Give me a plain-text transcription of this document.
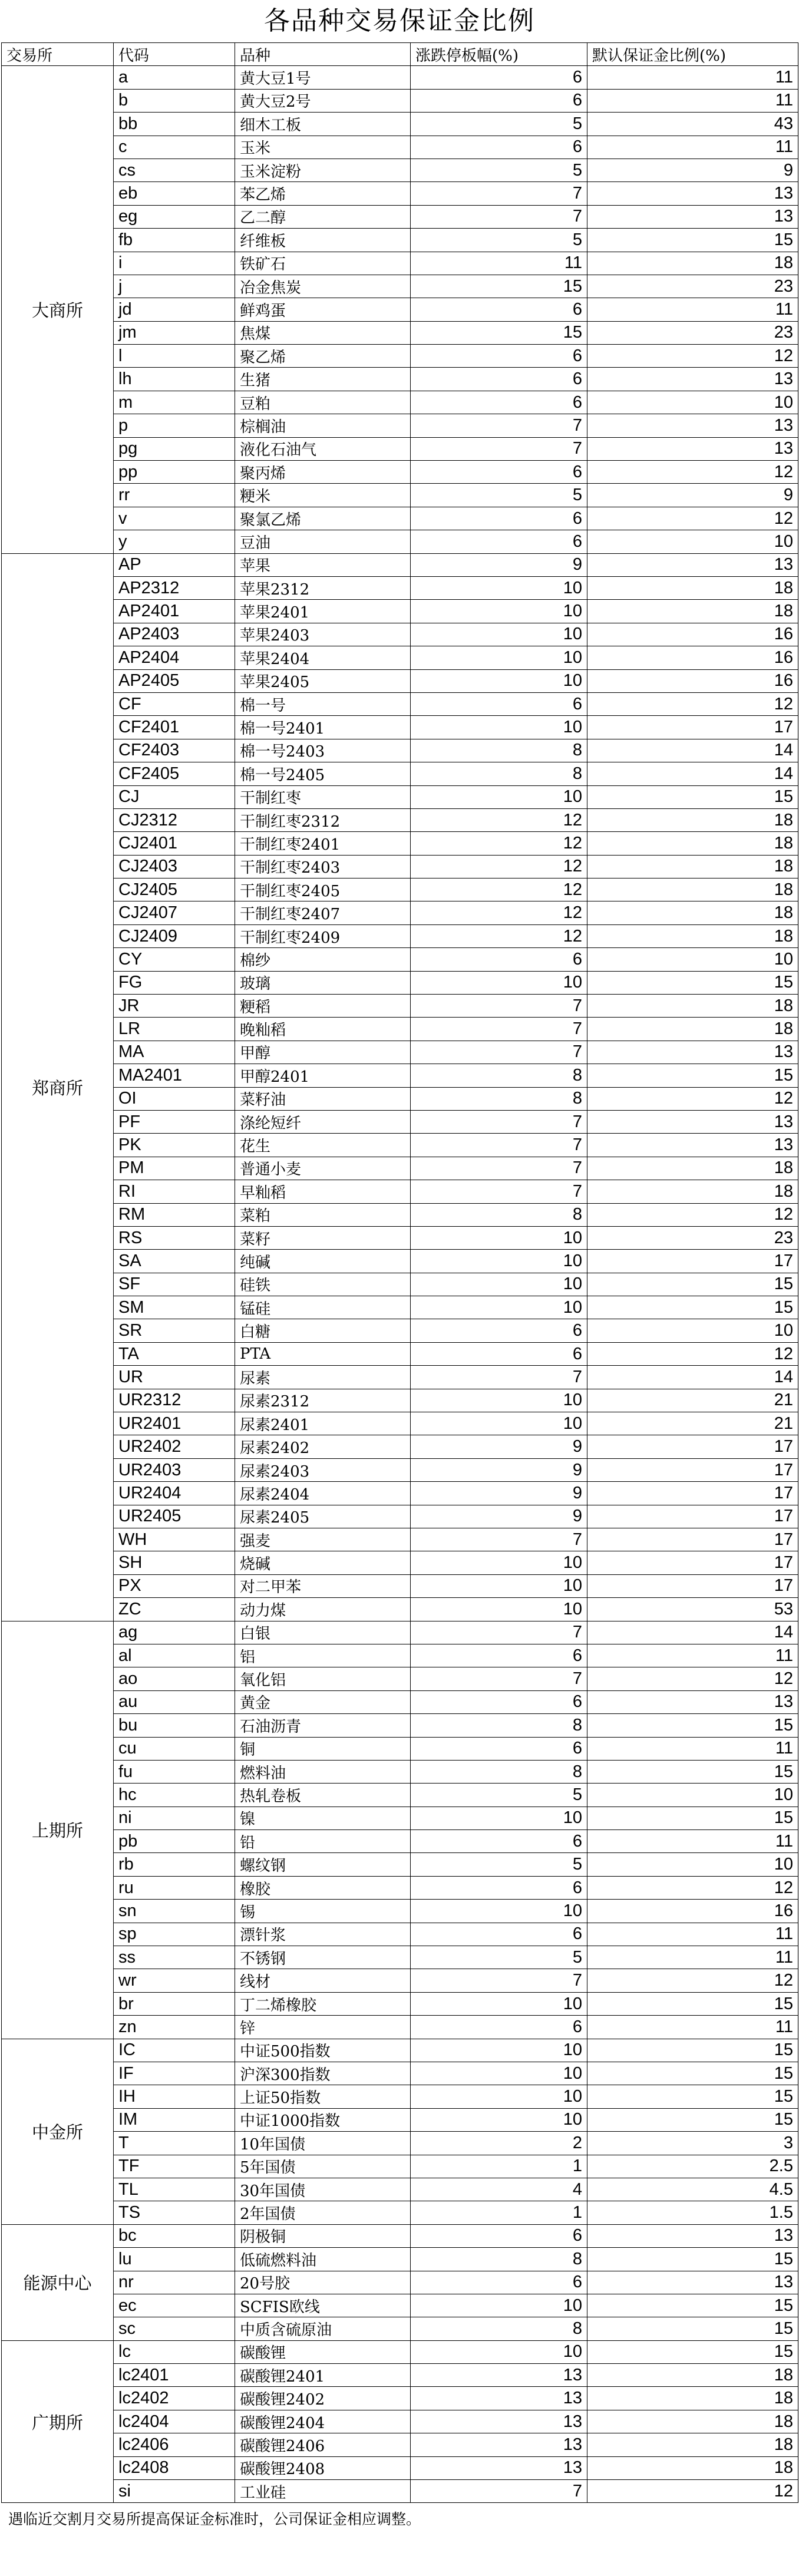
各品种交易保证金比例
交易所	代码	品种	涨跌停板幅(%)	默认保证金比例(%)
大商所	a	黄大豆1号	6	11
	b	黄大豆2号	6	11
	bb	细木工板	5	43
	c	玉米	6	11
	cs	玉米淀粉	5	9
	eb	苯乙烯	7	13
	eg	乙二醇	7	13
	fb	纤维板	5	15
	i	铁矿石	11	18
	j	冶金焦炭	15	23
	jd	鲜鸡蛋	6	11
	jm	焦煤	15	23
	l	聚乙烯	6	12
	lh	生猪	6	13
	m	豆粕	6	10
	p	棕榈油	7	13
	pg	液化石油气	7	13
	pp	聚丙烯	6	12
	rr	粳米	5	9
	v	聚氯乙烯	6	12
	y	豆油	6	10
郑商所	AP	苹果	9	13
	AP2312	苹果2312	10	18
	AP2401	苹果2401	10	18
	AP2403	苹果2403	10	16
	AP2404	苹果2404	10	16
	AP2405	苹果2405	10	16
	CF	棉一号	6	12
	CF2401	棉一号2401	10	17
	CF2403	棉一号2403	8	14
	CF2405	棉一号2405	8	14
	CJ	干制红枣	10	15
	CJ2312	干制红枣2312	12	18
	CJ2401	干制红枣2401	12	18
	CJ2403	干制红枣2403	12	18
	CJ2405	干制红枣2405	12	18
	CJ2407	干制红枣2407	12	18
	CJ2409	干制红枣2409	12	18
	CY	棉纱	6	10
	FG	玻璃	10	15
	JR	粳稻	7	18
	LR	晚籼稻	7	18
	MA	甲醇	7	13
	MA2401	甲醇2401	8	15
	OI	菜籽油	8	12
	PF	涤纶短纤	7	13
	PK	花生	7	13
	PM	普通小麦	7	18
	RI	早籼稻	7	18
	RM	菜粕	8	12
	RS	菜籽	10	23
	SA	纯碱	10	17
	SF	硅铁	10	15
	SM	锰硅	10	15
	SR	白糖	6	10
	TA	PTA	6	12
	UR	尿素	7	14
	UR2312	尿素2312	10	21
	UR2401	尿素2401	10	21
	UR2402	尿素2402	9	17
	UR2403	尿素2403	9	17
	UR2404	尿素2404	9	17
	UR2405	尿素2405	9	17
	WH	强麦	7	17
	SH	烧碱	10	17
	PX	对二甲苯	10	17
	ZC	动力煤	10	53
上期所	ag	白银	7	14
	al	铝	6	11
	ao	氧化铝	7	12
	au	黄金	6	13
	bu	石油沥青	8	15
	cu	铜	6	11
	fu	燃料油	8	15
	hc	热轧卷板	5	10
	ni	镍	10	15
	pb	铅	6	11
	rb	螺纹钢	5	10
	ru	橡胶	6	12
	sn	锡	10	16
	sp	漂针浆	6	11
	ss	不锈钢	5	11
	wr	线材	7	12
	br	丁二烯橡胶	10	15
	zn	锌	6	11
中金所	IC	中证500指数	10	15
	IF	沪深300指数	10	15
	IH	上证50指数	10	15
	IM	中证1000指数	10	15
	T	10年国债	2	3
	TF	5年国债	1	2.5
	TL	30年国债	4	4.5
	TS	2年国债	1	1.5
能源中心	bc	阴极铜	6	13
	lu	低硫燃料油	8	15
	nr	20号胶	6	13
	ec	SCFIS欧线	10	15
	sc	中质含硫原油	8	15
广期所	lc	碳酸锂	10	15
	lc2401	碳酸锂2401	13	18
	lc2402	碳酸锂2402	13	18
	lc2404	碳酸锂2404	13	18
	lc2406	碳酸锂2406	13	18
	lc2408	碳酸锂2408	13	18
	si	工业硅	7	12
遇临近交割月交易所提高保证金标准时，公司保证金相应调整。
